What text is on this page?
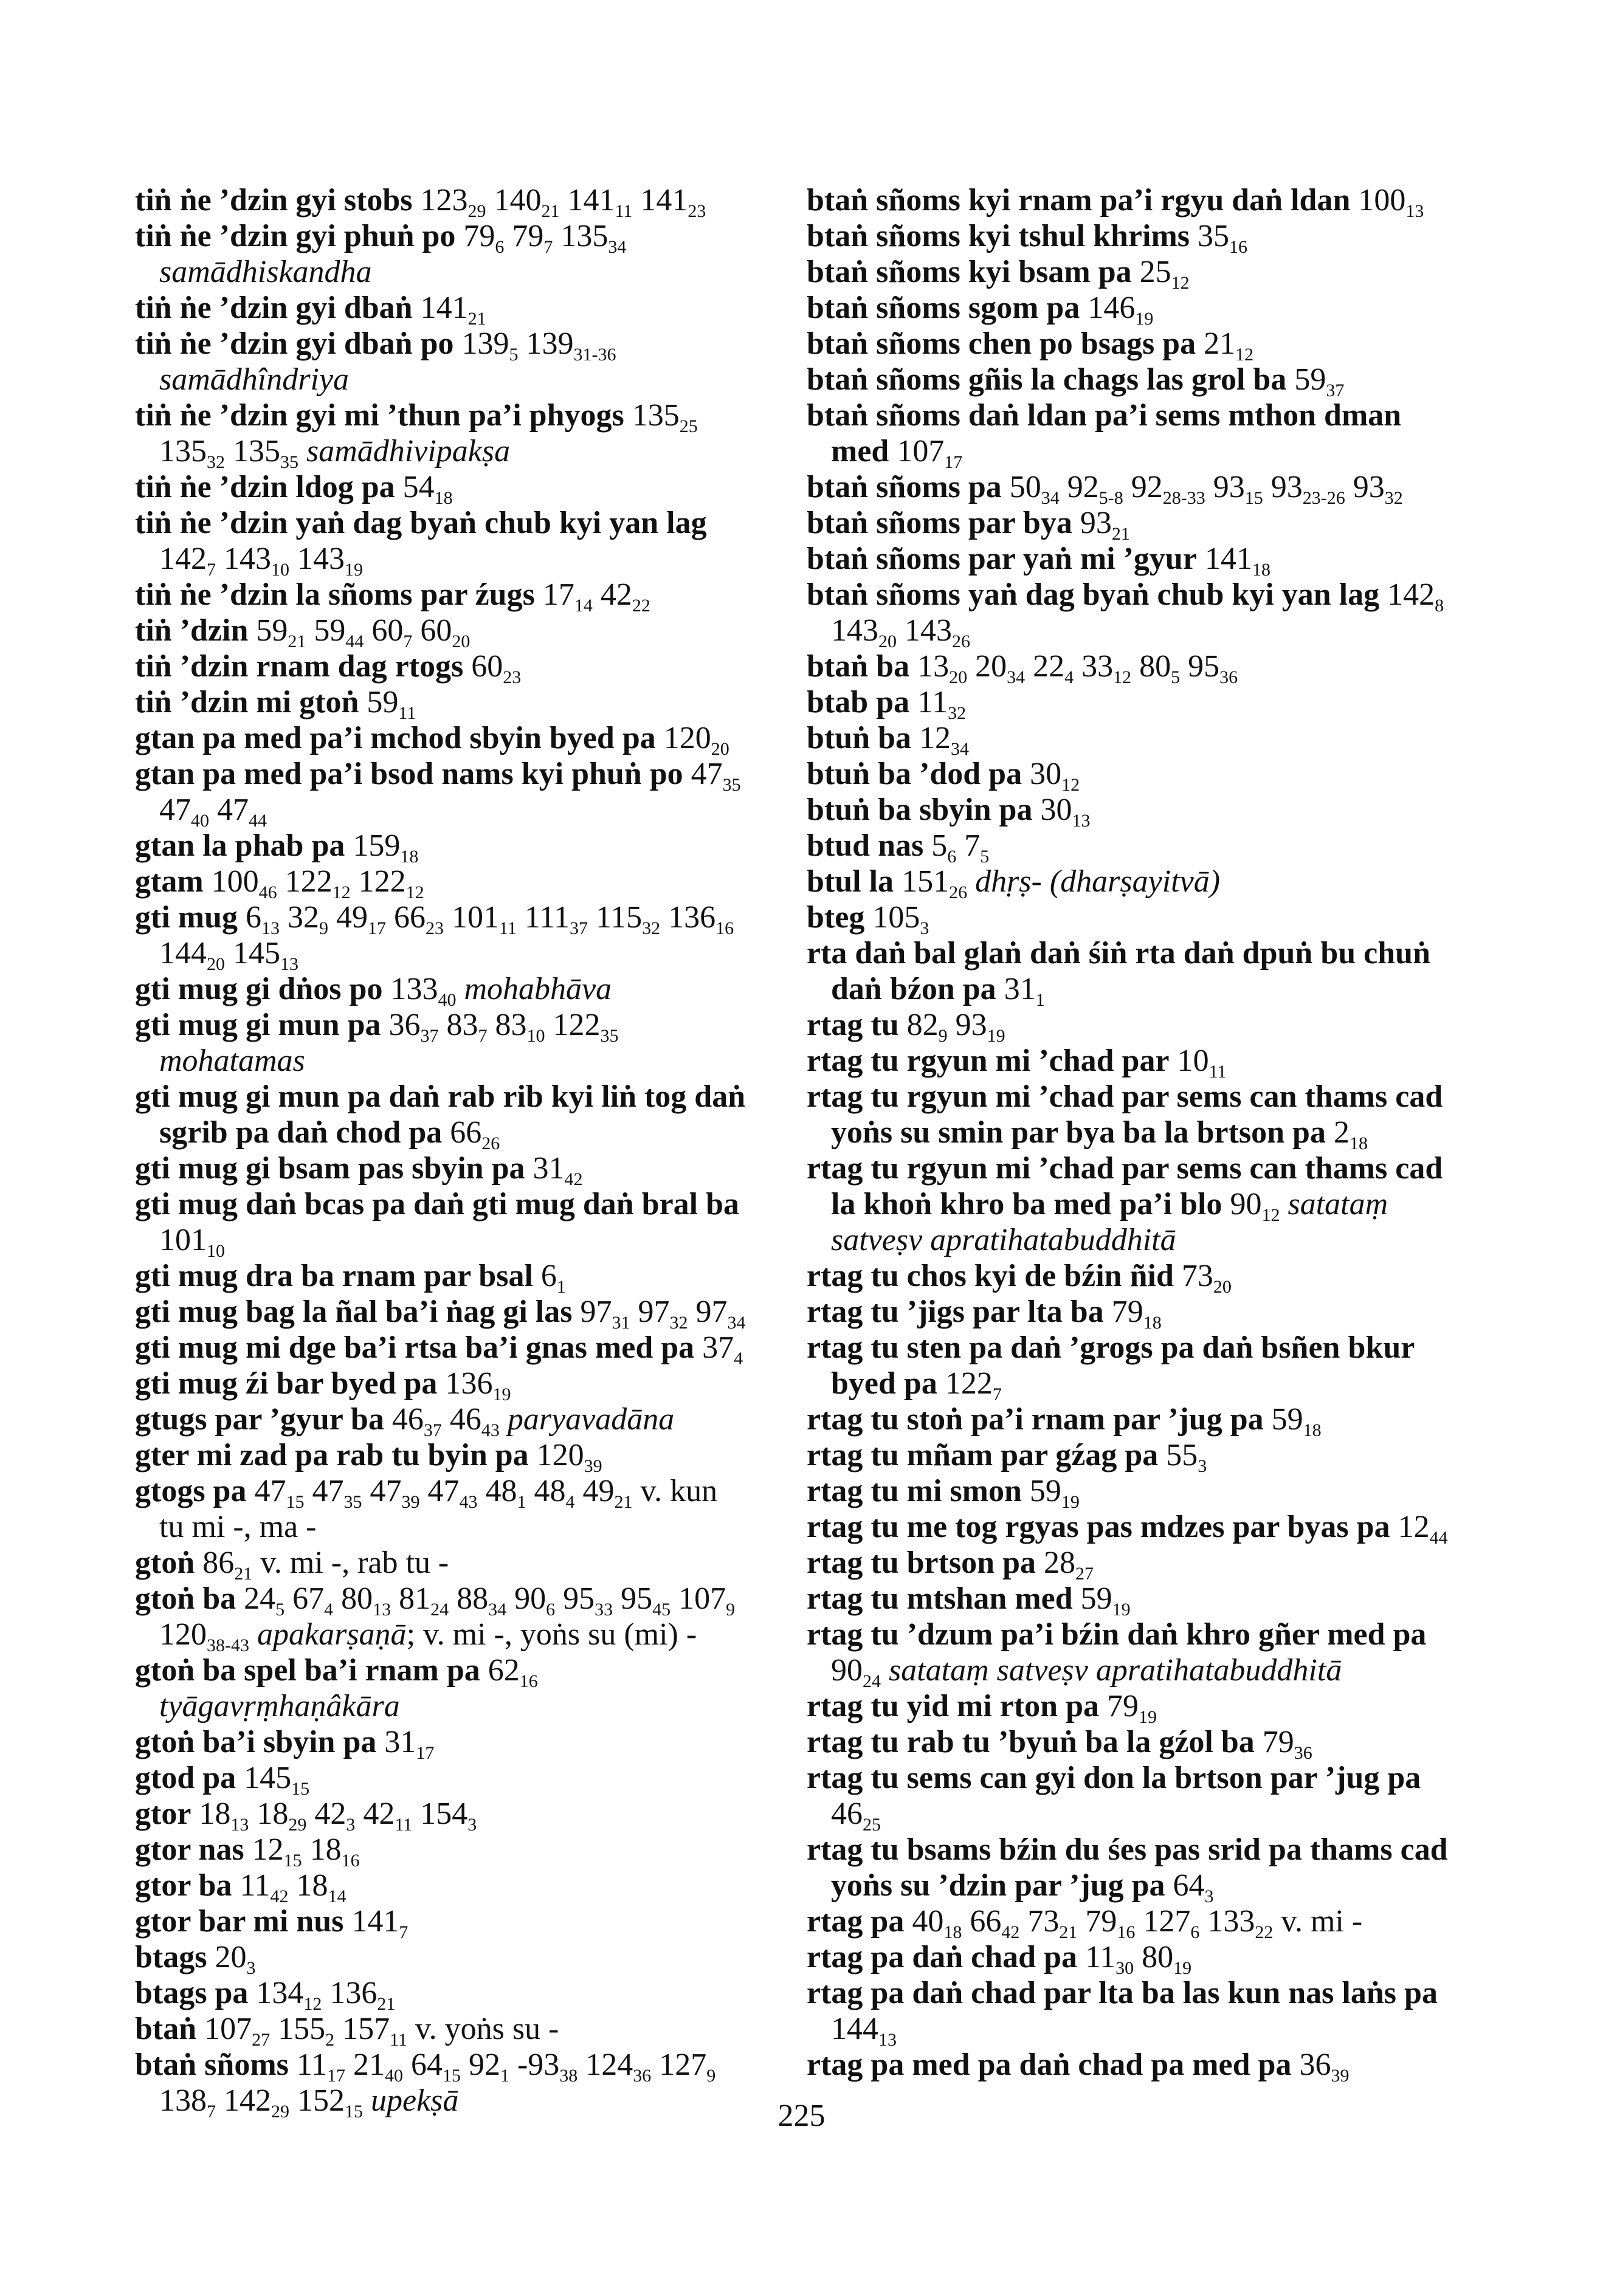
tiṅ ṅe ’dzin gyi stobs $123_{29}$ $140_{21}$ $141_{11}$ $141_{23}$
tiṅ ṅe ’dzin gyi phuṅ po $79_6$ $79_7$ $135_{34}$ samādhiskandha
tiṅ ṅe ’dzin gyi dbaṅ $141_{21}$
tiṅ ṅe ’dzin gyi dbaṅ po $139_5$ $139_{31-36}$ samādhîndriya
tiṅ ṅe ’dzin gyi mi ’thun pa’i phyogs $135_{25}$ $135_{32}$ $135_{35}$ samādhivipakṣa
tiṅ ṅe ’dzin ldog pa $54_{18}$
tiṅ ṅe ’dzin yaṅ dag byaṅ chub kyi yan lag $142_7$ $143_{10}$ $143_{19}$
tiṅ ṅe ’dzin la sñoms par źugs $17_{14}$ $42_{22}$
tiṅ ’dzin $59_{21}$ $59_{44}$ $60_7$ $60_{20}$
tiṅ ’dzin rnam dag rtogs $60_{23}$
tiṅ ’dzin mi gtoṅ $59_{11}$
gtan pa med pa’i mchod sbyin byed pa $120_{20}$
gtan pa med pa’i bsod nams kyi phuṅ po $47_{35}$ $47_{40}$ $47_{44}$
gtan la phab pa $159_{18}$
gtam $100_{46}$ $122_{12}$ $122_{12}$
gti mug $6_{13}$ $32_9$ $49_{17}$ $66_{23}$ $101_{11}$ $111_{37}$ $115_{32}$ $136_{16}$ $144_{20}$ $145_{13}$
gti mug gi dṅos po $133_{40}$ mohabhāva
gti mug gi mun pa $36_{37}$ $83_7$ $83_{10}$ $122_{35}$ mohatamas
gti mug gi mun pa daṅ rab rib kyi liṅ tog daṅ sgrib pa daṅ chod pa $66_{26}$
gti mug gi bsam pas sbyin pa $31_{42}$
gti mug daṅ bcas pa daṅ gti mug daṅ bral ba $101_{10}$
gti mug dra ba rnam par bsal $6_1$
gti mug bag la ñal ba’i ṅag gi las $97_{31}$ $97_{32}$ $97_{34}$
gti mug mi dge ba’i rtsa ba’i gnas med pa $37_4$
gti mug źi bar byed pa $136_{19}$
gtugs par ’gyur ba $46_{37}$ $46_{43}$ paryavadāna
gter mi zad pa rab tu byin pa $120_{39}$
gtogs pa $47_{15}$ $47_{35}$ $47_{39}$ $47_{43}$ $48_1$ $48_4$ $49_{21}$ v. kun tu mi -, ma -
gtoṅ $86_{21}$ v. mi -, rab tu -
gtoṅ ba $24_5$ $67_4$ $80_{13}$ $81_{24}$ $88_{34}$ $90_6$ $95_{33}$ $95_{45}$ $107_9$ $120_{38-43}$ apakarṣaṇā; v. mi -, yoṅs su (mi) -
gtoṅ ba spel ba’i rnam pa $62_{16}$ tyāgavṛṃhaṇâkāra
gtoṅ ba’i sbyin pa $31_{17}$
gtod pa $145_{15}$
gtor $18_{13}$ $18_{29}$ $42_3$ $42_{11}$ $154_3$
gtor nas $12_{15}$ $18_{16}$
gtor ba $11_{42}$ $18_{14}$
gtor bar mi nus $141_7$
btags $20_3$
btags pa $134_{12}$ $136_{21}$
btaṅ $107_{27}$ $155_2$ $157_{11}$ v. yoṅs su -
btaṅ sñoms $11_{17}$ $21_{40}$ $64_{15}$ $92_1$ $-93_{38}$ $124_{36}$ $127_9$ $138_7$ $142_{29}$ $152_{15}$ upekṣā
btaṅ sñoms kyi rnam pa’i rgyu daṅ ldan $100_{13}$
btaṅ sñoms kyi tshul khrims $35_{16}$
btaṅ sñoms kyi bsam pa $25_{12}$
btaṅ sñoms sgom pa $146_{19}$
btaṅ sñoms chen po bsags pa $21_{12}$
btaṅ sñoms gñis la chags las grol ba $59_{37}$
btaṅ sñoms daṅ ldan pa’i sems mthon dman med $107_{17}$
btaṅ sñoms pa $50_{34}$ $92_{5-8}$ $92_{28-33}$ $93_{15}$ $93_{23-26}$ $93_{32}$
btaṅ sñoms par bya $93_{21}$
btaṅ sñoms par yaṅ mi ’gyur $141_{18}$
btaṅ sñoms yaṅ dag byaṅ chub kyi yan lag $142_8$ $143_{20}$ $143_{26}$
btaṅ ba $13_{20}$ $20_{34}$ $22_4$ $33_{12}$ $80_5$ $95_{36}$
btab pa $11_{32}$
btuṅ ba $12_{34}$
btuṅ ba ’dod pa $30_{12}$
btuṅ ba sbyin pa $30_{13}$
btud nas $5_6$ $7_5$
btul la $151_{26}$ dhṛṣ- (dharṣayitvā)
bteg $105_3$
rta daṅ bal glaṅ daṅ śiṅ rta daṅ dpuṅ bu chuṅ daṅ bźon pa $31_1$
rtag tu $82_9$ $93_{19}$
rtag tu rgyun mi ’chad par $10_{11}$
rtag tu rgyun mi ’chad par sems can thams cad yoṅs su smin par bya ba la brtson pa $2_{18}$
rtag tu rgyun mi ’chad par sems can thams cad la khoṅ khro ba med pa’i blo $90_{12}$ satataṃ satveṣv apratihatabuddhitā
rtag tu chos kyi de bźin ñid $73_{20}$
rtag tu ’jigs par lta ba $79_{18}$
rtag tu sten pa daṅ ’grogs pa daṅ bsñen bkur byed pa $122_7$
rtag tu stoṅ pa’i rnam par ’jug pa $59_{18}$
rtag tu mñam par gźag pa $55_3$
rtag tu mi smon $59_{19}$
rtag tu me tog rgyas pas mdzes par byas pa $12_{44}$
rtag tu brtson pa $28_{27}$
rtag tu mtshan med $59_{19}$
rtag tu ’dzum pa’i bźin daṅ khro gñer med pa $90_{24}$ satataṃ satveṣv apratihatabuddhitā
rtag tu yid mi rton pa $79_{19}$
rtag tu rab tu ’byuṅ ba la gźol ba $79_{36}$
rtag tu sems can gyi don la brtson par ’jug pa $46_{25}$
rtag tu bsams bźin du śes pas srid pa thams cad yoṅs su ’dzin par ’jug pa $64_3$
rtag pa $40_{18}$ $66_{42}$ $73_{21}$ $79_{16}$ $127_6$ $133_{22}$ v. mi -
rtag pa daṅ chad pa $11_{30}$ $80_{19}$
rtag pa daṅ chad par lta ba las kun nas laṅs pa $144_{13}$
rtag pa med pa daṅ chad pa med pa $36_{39}$
225
